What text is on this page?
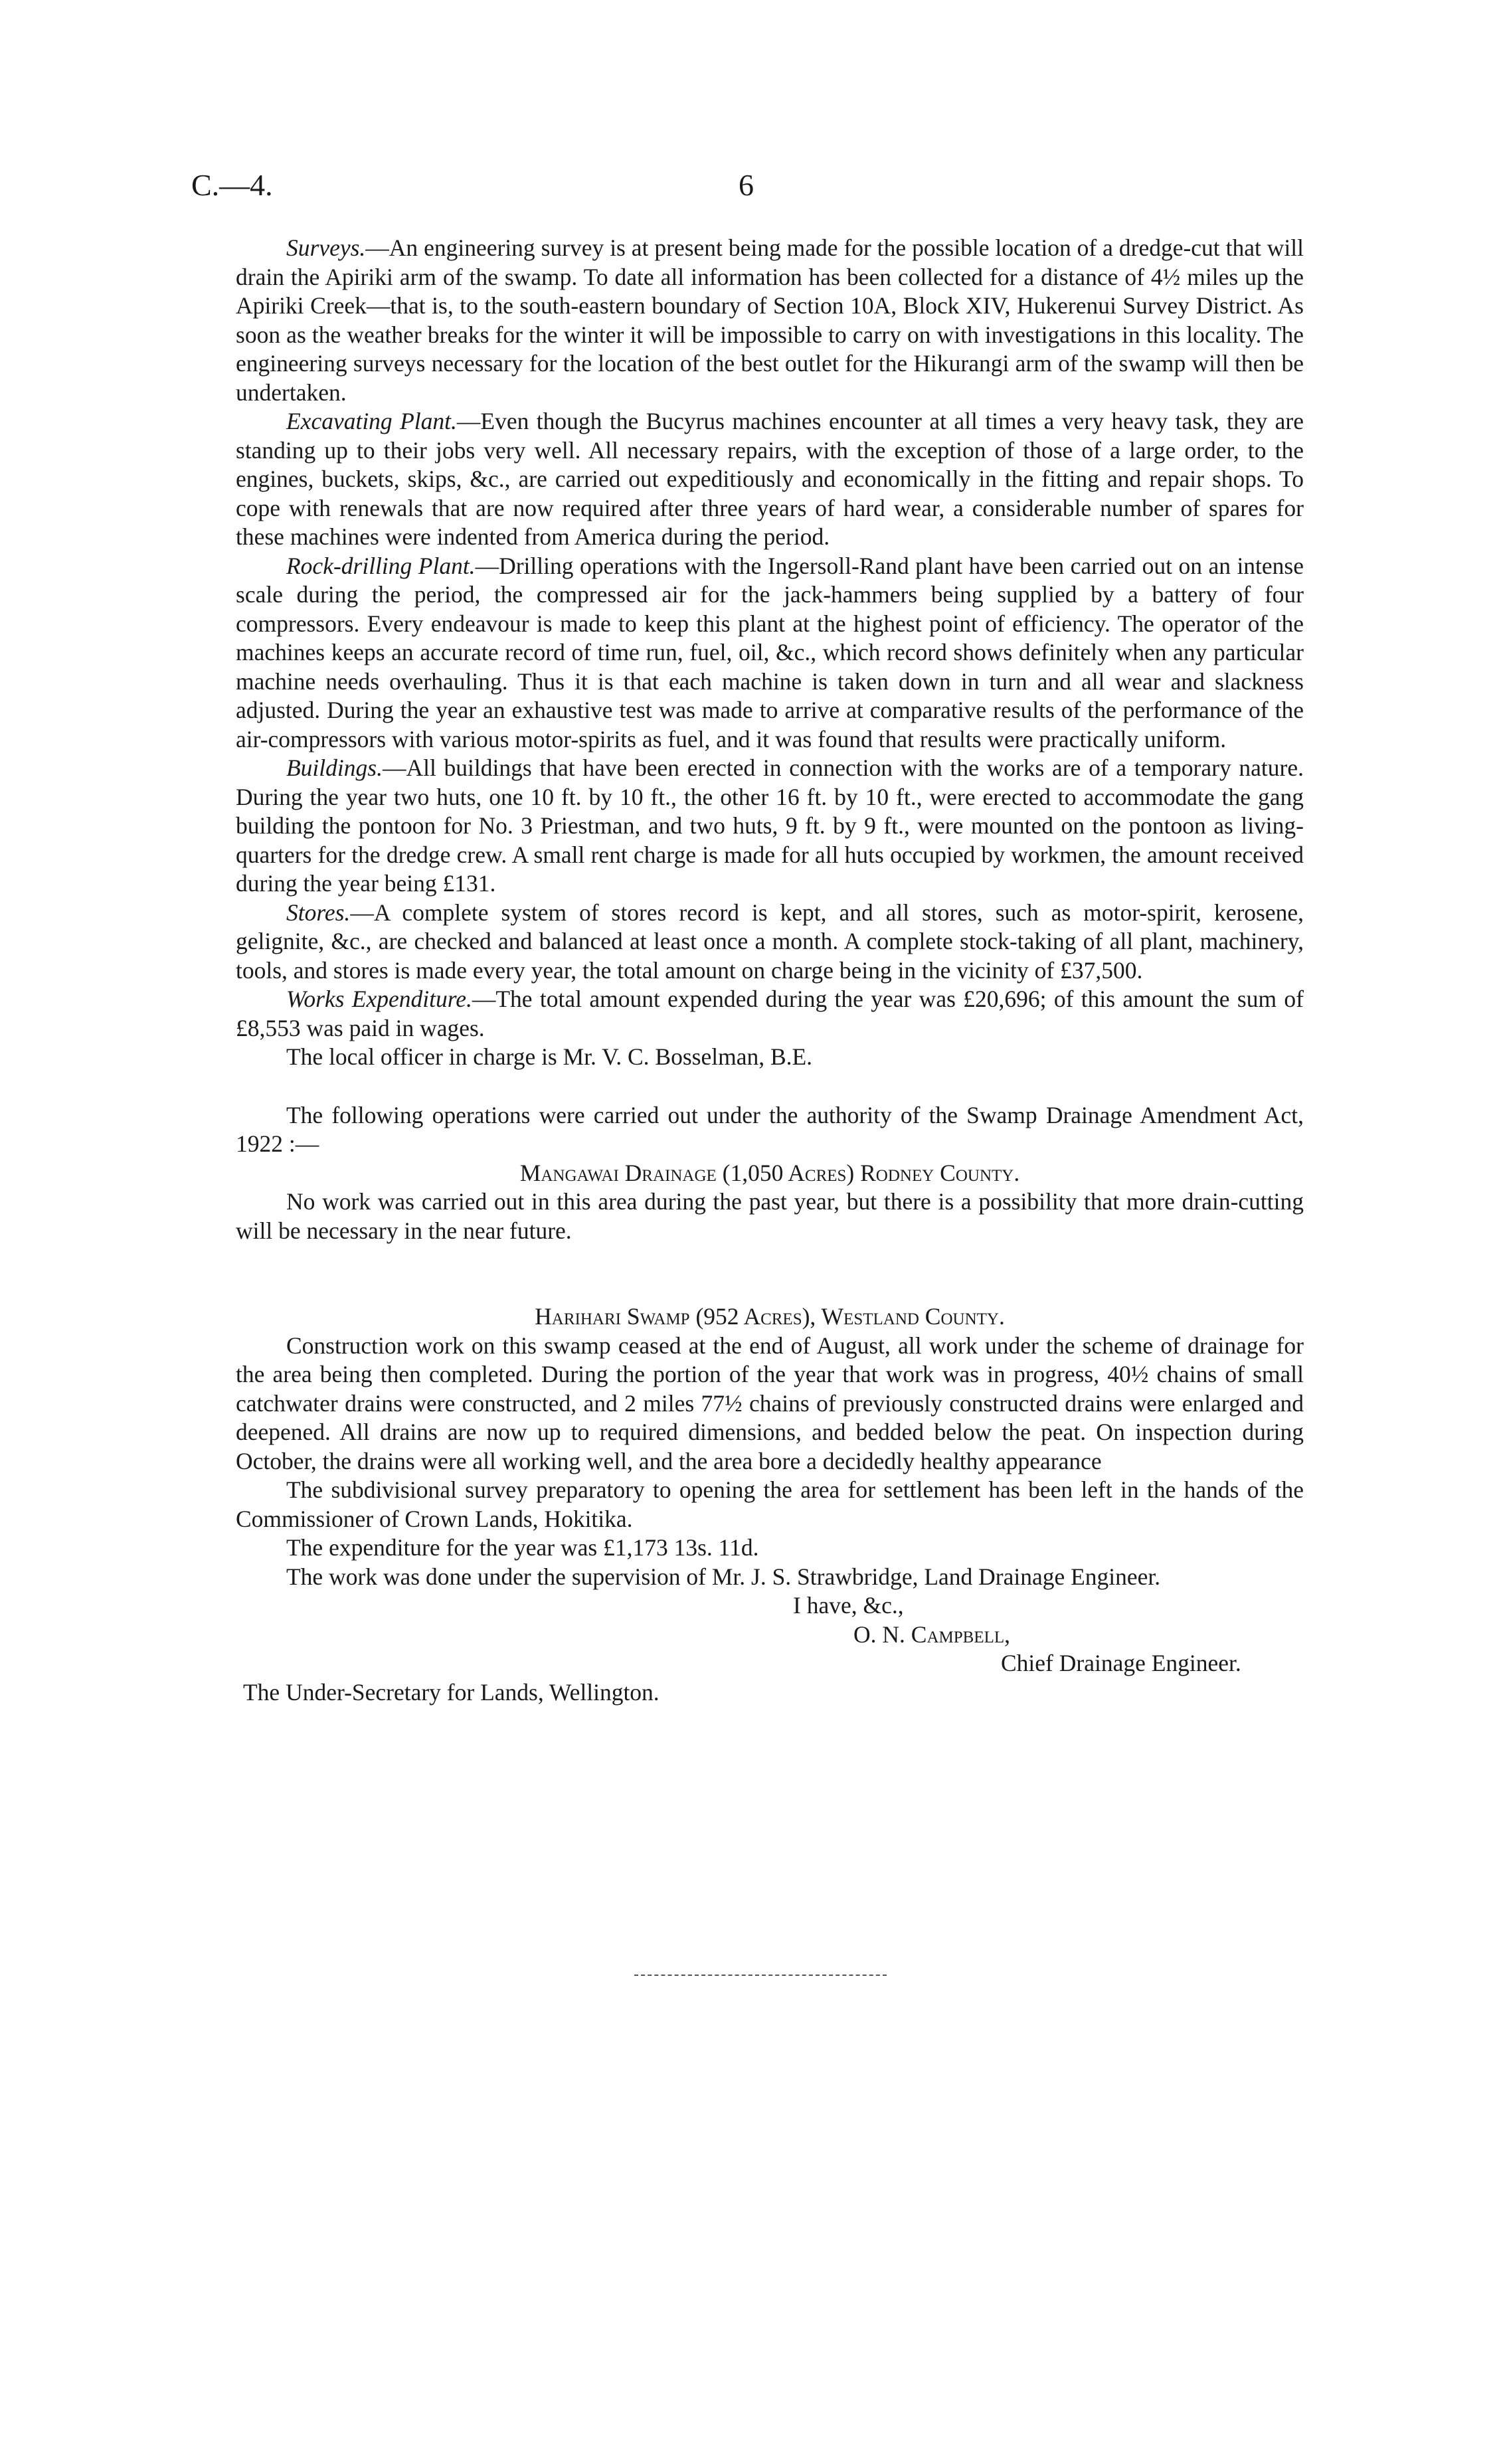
C.—4.	6

Surveys.—An engineering survey is at present being made for the possible location of a dredge-cut that will drain the Apiriki arm of the swamp. To date all information has been collected for a distance of 4½ miles up the Apiriki Creek—that is, to the south-eastern boundary of Section 10A, Block XIV, Hukerenui Survey District. As soon as the weather breaks for the winter it will be impossible to carry on with investigations in this locality. The engineering surveys necessary for the location of the best outlet for the Hikurangi arm of the swamp will then be undertaken.

Excavating Plant.—Even though the Bucyrus machines encounter at all times a very heavy task, they are standing up to their jobs very well. All necessary repairs, with the exception of those of a large order, to the engines, buckets, skips, &c., are carried out expeditiously and economically in the fitting and repair shops. To cope with renewals that are now required after three years of hard wear, a considerable number of spares for these machines were indented from America during the period.

Rock-drilling Plant.—Drilling operations with the Ingersoll-Rand plant have been carried out on an intense scale during the period, the compressed air for the jack-hammers being supplied by a battery of four compressors. Every endeavour is made to keep this plant at the highest point of efficiency. The operator of the machines keeps an accurate record of time run, fuel, oil, &c., which record shows definitely when any particular machine needs overhauling. Thus it is that each machine is taken down in turn and all wear and slackness adjusted. During the year an exhaustive test was made to arrive at comparative results of the performance of the air-compressors with various motor-spirits as fuel, and it was found that results were practically uniform.

Buildings.—All buildings that have been erected in connection with the works are of a temporary nature. During the year two huts, one 10 ft. by 10 ft., the other 16 ft. by 10 ft., were erected to accommodate the gang building the pontoon for No. 3 Priestman, and two huts, 9 ft. by 9 ft., were mounted on the pontoon as living-quarters for the dredge crew. A small rent charge is made for all huts occupied by workmen, the amount received during the year being £131.

Stores.—A complete system of stores record is kept, and all stores, such as motor-spirit, kerosene, gelignite, &c., are checked and balanced at least once a month. A complete stock-taking of all plant, machinery, tools, and stores is made every year, the total amount on charge being in the vicinity of £37,500.

Works Expenditure.—The total amount expended during the year was £20,696; of this amount the sum of £8,553 was paid in wages.

The local officer in charge is Mr. V. C. Bosselman, B.E.

The following operations were carried out under the authority of the Swamp Drainage Amendment Act, 1922 :—

Mangawai Drainage (1,050 Acres) Rodney County.

No work was carried out in this area during the past year, but there is a possibility that more drain-cutting will be necessary in the near future.

Harihari Swamp (952 Acres), Westland County.

Construction work on this swamp ceased at the end of August, all work under the scheme of drainage for the area being then completed. During the portion of the year that work was in progress, 40½ chains of small catchwater drains were constructed, and 2 miles 77½ chains of previously constructed drains were enlarged and deepened. All drains are now up to required dimensions, and bedded below the peat. On inspection during October, the drains were all working well, and the area bore a decidedly healthy appearance

The subdivisional survey preparatory to opening the area for settlement has been left in the hands of the Commissioner of Crown Lands, Hokitika.

The expenditure for the year was £1,173 13s. 11d.

The work was done under the supervision of Mr. J. S. Strawbridge, Land Drainage Engineer.

I have, &c.,

O. N. Campbell,

Chief Drainage Engineer.

The Under-Secretary for Lands, Wellington.
